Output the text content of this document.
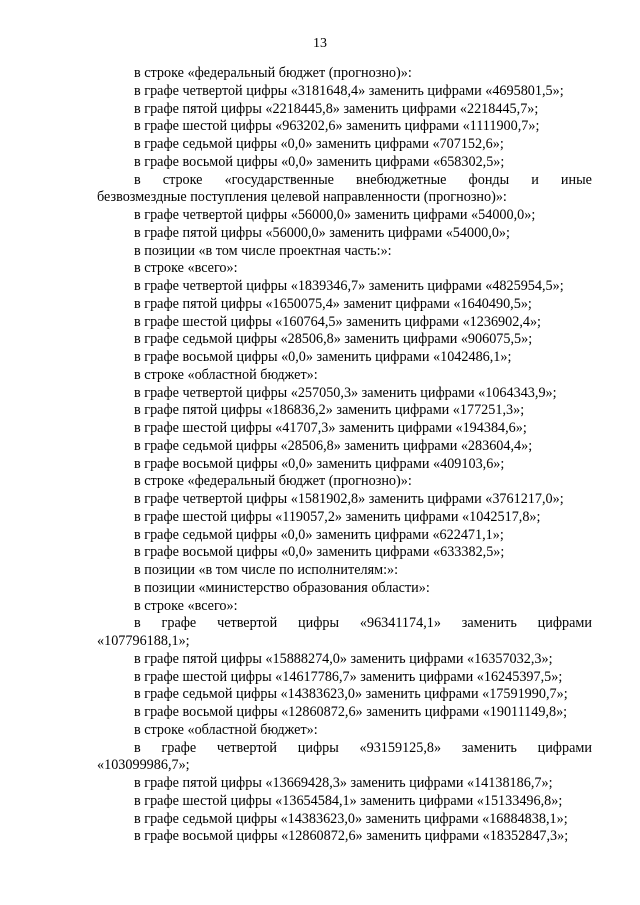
13
в строке «федеральный бюджет (прогнозно)»:
в графе четвертой цифры «3181648,4» заменить цифрами «4695801,5»;
в графе пятой цифры «2218445,8» заменить цифрами «2218445,7»;
в графе шестой цифры «963202,6» заменить цифрами «1111900,7»;
в графе седьмой цифры «0,0» заменить цифрами «707152,6»;
в графе восьмой цифры «0,0» заменить цифрами «658302,5»;
в строке «государственные внебюджетные фонды и иные
безвозмездные поступления целевой направленности (прогнозно)»:
в графе четвертой цифры «56000,0» заменить цифрами «54000,0»;
в графе пятой цифры «56000,0» заменить цифрами «54000,0»;
в позиции «в том числе проектная часть:»:
в строке «всего»:
в графе четвертой цифры «1839346,7» заменить цифрами «4825954,5»;
в графе пятой цифры «1650075,4» заменит цифрами «1640490,5»;
в графе шестой цифры «160764,5» заменить цифрами «1236902,4»;
в графе седьмой цифры «28506,8» заменить цифрами «906075,5»;
в графе восьмой цифры «0,0» заменить цифрами «1042486,1»;
в строке «областной бюджет»:
в графе четвертой цифры «257050,3» заменить цифрами «1064343,9»;
в графе пятой цифры «186836,2» заменить цифрами «177251,3»;
в графе шестой цифры «41707,3» заменить цифрами «194384,6»;
в графе седьмой цифры «28506,8» заменить цифрами «283604,4»;
в графе восьмой цифры «0,0» заменить цифрами «409103,6»;
в строке «федеральный бюджет (прогнозно)»:
в графе четвертой цифры «1581902,8» заменить цифрами «3761217,0»;
в графе шестой цифры «119057,2» заменить цифрами «1042517,8»;
в графе седьмой цифры «0,0» заменить цифрами «622471,1»;
в графе восьмой цифры «0,0» заменить цифрами «633382,5»;
в позиции «в том числе по исполнителям:»:
в позиции «министерство образования области»:
в строке «всего»:
в графе четвертой цифры «96341174,1» заменить цифрами
«107796188,1»;
в графе пятой цифры «15888274,0» заменить цифрами «16357032,3»;
в графе шестой цифры «14617786,7» заменить цифрами «16245397,5»;
в графе седьмой цифры «14383623,0» заменить цифрами «17591990,7»;
в графе восьмой цифры «12860872,6» заменить цифрами «19011149,8»;
в строке «областной бюджет»:
в графе четвертой цифры «93159125,8» заменить цифрами
«103099986,7»;
в графе пятой цифры «13669428,3» заменить цифрами «14138186,7»;
в графе шестой цифры «13654584,1» заменить цифрами «15133496,8»;
в графе седьмой цифры «14383623,0» заменить цифрами «16884838,1»;
в графе восьмой цифры «12860872,6» заменить цифрами «18352847,3»;
